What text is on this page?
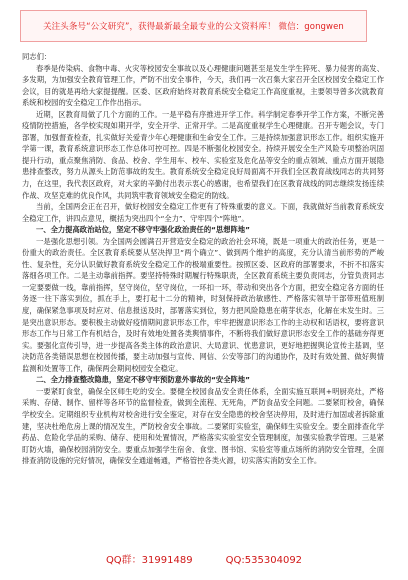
关注头条号“公文研究”，获得最新最全最专业的公文资料库！ 微信：gongwen

同志们：

春季是传染病、食物中毒、火灾等校园安全事故以及心理健康问题甚至是发生学生猝死、暴力侵害的高发、多发期，为加强安全教育管理工作，严防不出安全事件，今天，我们再一次召集大家召开全区校园安全稳定工作会议，目的就是再给大家提提醒。区委、区政府始终对教育系统安全稳定工作高度重视，主要领导曾多次就教育系统和校园的安全稳定工作作出指示。

近期，区教育局做了几个方面的工作。一是平稳有序推进开学工作。科学制定春季开学工作方案，不断完善疫情防控措施，各学校实现如期开学，安全开学、正常开学。二是高度重视学生心理健康。召开专题会议，专门部署，加强督查检查，扎实做好关爱青少年心理健康和生命安全工作。三是持续加强意识形态工作。组织实施开学第一课，教育系统意识形态工作总体可控可控。四是不断强化校园安全。持续开展安全生产风险专项整治巩固提升行动，重点聚焦消防、食品、校舍、学生用车、校车、实验室及危化品等安全的重点领域、重点方面开展隐患排查整改，努力从源头上防范事故的发生。教育系统安全稳定良好局面离不开我们全区教育战线同志的共同努力，在这里，我代表区政府，对大家的辛勤付出表示衷心的感谢，也希望我们在区教育战线的同志继续发扬连续作战、攻坚克难的优良作风，共同筑牢教育领域安全稳定的防线。

当前，全国两会正在召开，做好校园安全稳定工作更有了特殊重要的意义。下面，我就做好当前教育系统安全稳定工作，讲四点意见，概括为突出四个“全力”、守牢四个“阵地”。

一、全力提高政治站位，坚定不移守牢强化政治责任的“思想阵地”

一是强化思想引领。为全国两会圆满召开营造安全稳定的政治社会环境，既是一项重大的政治任务，更是一份重大的政治责任。全区教育系统要从坚决捍卫“两个确立”、做到两个维护的高度，充分认清当前形势的严峻性、复杂性，充分认识做好教育系统安全稳定工作的极端重要性。按照区委、区政府的部署要求，不折不扣落实落细各项工作。二是主动靠前指挥。要坚持特殊时期履行特殊职责，全区教育系统主要负责同志，分管负责同志一定要要做一线，靠前指挥，坚守岗位，坚守岗位，一环扣一环，带动和突出各个方面，把安全稳定各方面的任务逐一往下落实到位，抓在手上，要打起十二分的精神，时刻保持政治敏感性、严格落实领导干部带班值班制度，确保紧急事项及时应对、信息报送及时，部署落实到位，努力把风险隐患在萌芽状态，化解在未发生时。三是突出意识形态。要积极主动做好疫情期间意识形态工作，牢牢把握意识形态工作的主动权和话语权，要将意识形态工作与日常工作有机结合，及时有效地处置各类舆情事件，不断将我们做好意识形态安全工作的基础夯得更实。要强化宣传引导，进一步提高各类主体的政治意识、大局意识、忧患意识，更好地把握舆论宣传主基调，坚决防范各类错误思想在校园传播，要主动加强与宣传、网信、公安等部门的沟通协作，及时有效处置、做好舆情监测和处置等工作，确保两会期间校园安全稳定。

二、全力排查整改隐患，坚定不移守牢预防意外事故的“安全阵地”

一要紧盯食堂，确保全区师生吃的安全。要健全校园食品安全责任体系，全面实施互联网+明厨亮灶，严格采购、存储、制作、留样等各环节的监督检查，做到全流程、无死角，严防食品安全问题。二要紧盯校舍，确保学校安全。定期组织专业机构对校舍进行安全鉴定，对存在安全隐患的校舍坚决停用，及时进行加固或者拆除重建，坚决杜绝危房上课的情况发生，严防校舍安全事故。二要紧盯实验室，确保师生实验安全。要全面排查化学药品、危险化学品的采购、储存、使用和处置情况，严格落实实验室安全管理制度，加强实验教学管理。三是紧盯防火墙，确保校园消防安全。要重点加强学生宿舍、食堂、图书馆、实验室等重点场所的消防安全管理，全面排查消防设施的完好情况，确保安全通道畅通，严格管控各类火源，切实落实消防安全工作。

QQ群：31991489	QQ:535304092
